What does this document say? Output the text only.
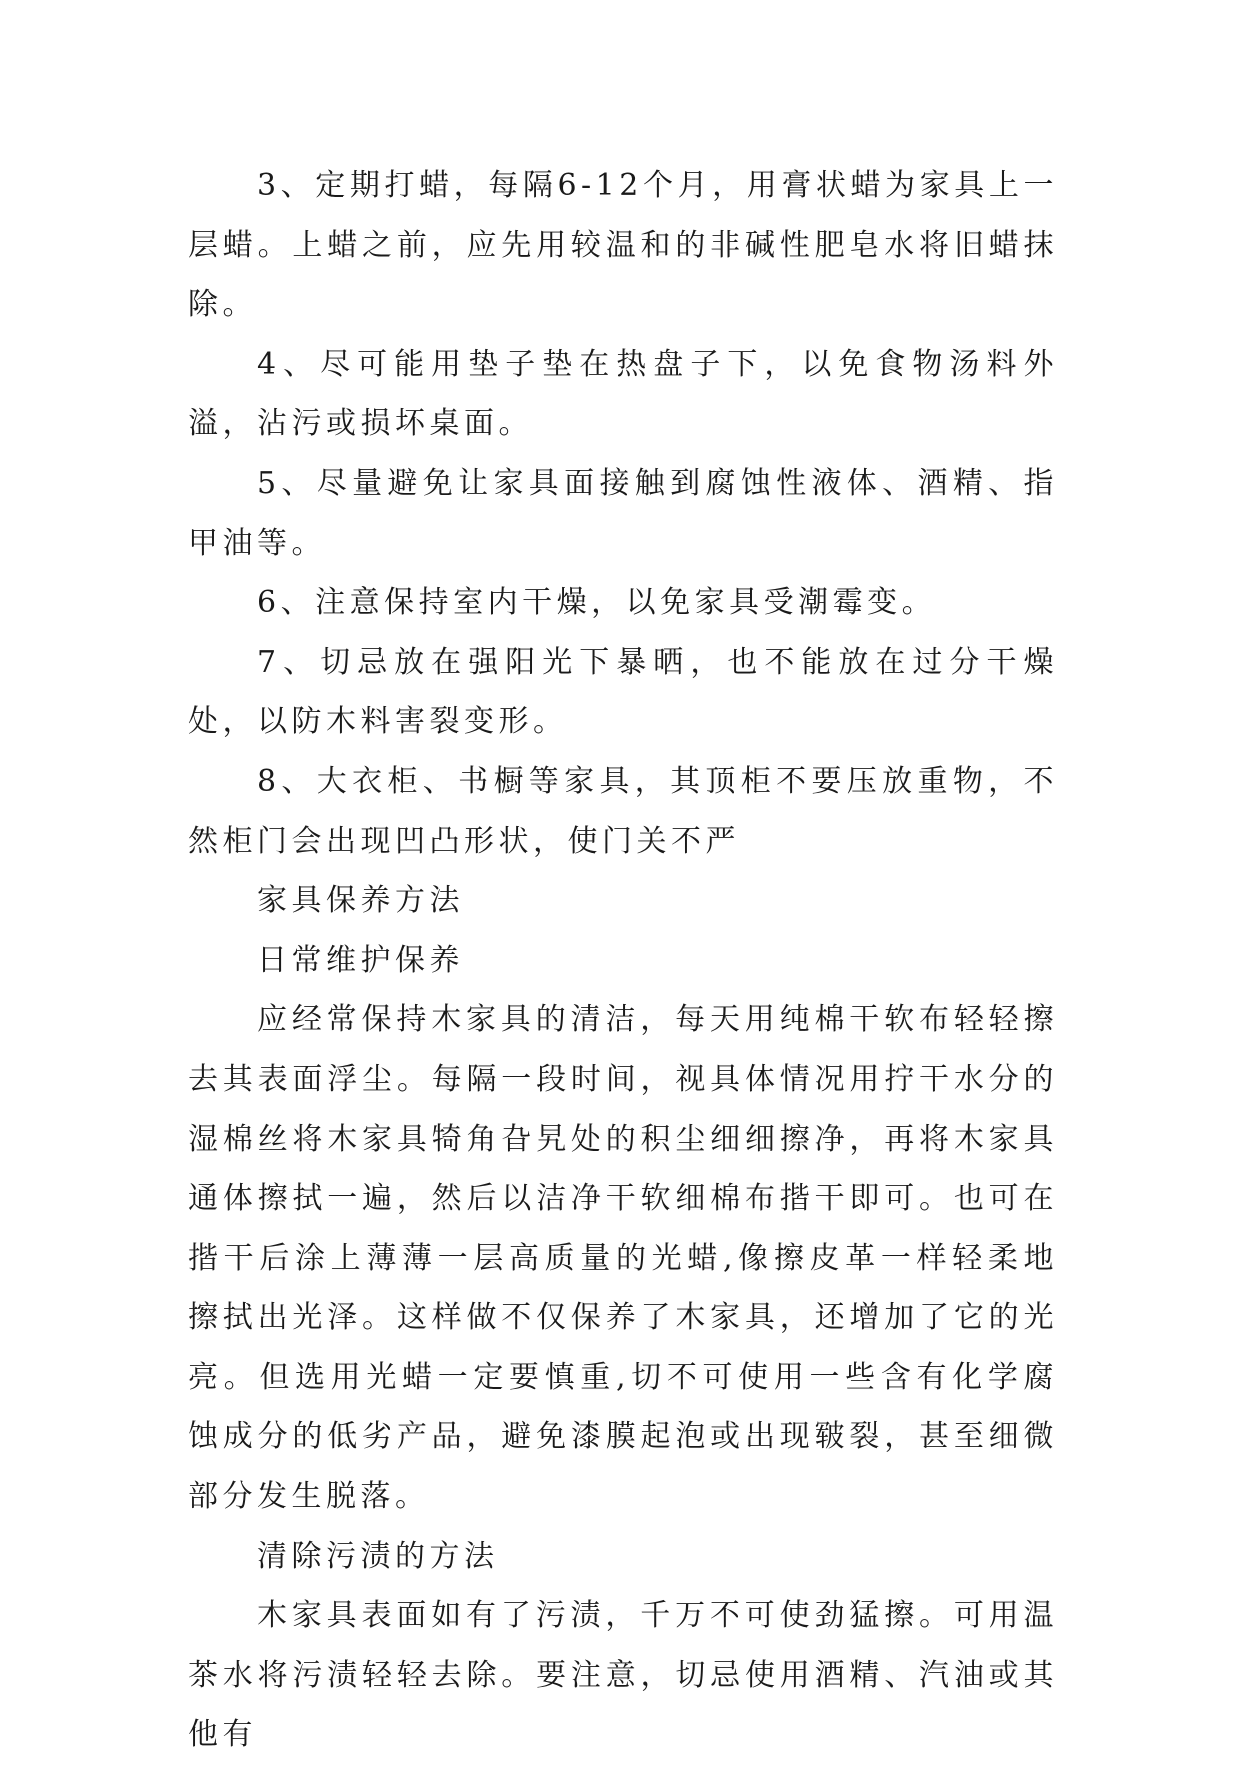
3、定期打蜡，每隔6-12个月，用膏状蜡为家具上一层蜡。上蜡之前，应先用较温和的非碱性肥皂水将旧蜡抹除。

4、尽可能用垫子垫在热盘子下，以免食物汤料外溢，沾污或损坏桌面。

5、尽量避免让家具面接触到腐蚀性液体、酒精、指甲油等。

6、注意保持室内干燥，以免家具受潮霉变。

7、切忌放在强阳光下暴晒，也不能放在过分干燥处，以防木料害裂变形。

8、大衣柜、书橱等家具，其顶柜不要压放重物，不然柜门会出现凹凸形状，使门关不严

家具保养方法

日常维护保养

应经常保持木家具的清洁，每天用纯棉干软布轻轻擦去其表面浮尘。每隔一段时间，视具体情况用拧干水分的湿棉丝将木家具犄角旮旯处的积尘细细擦净，再将木家具通体擦拭一遍，然后以洁净干软细棉布揩干即可。也可在揩干后涂上薄薄一层高质量的光蜡,像擦皮革一样轻柔地擦拭出光泽。这样做不仅保养了木家具，还增加了它的光亮。但选用光蜡一定要慎重,切不可使用一些含有化学腐蚀成分的低劣产品，避免漆膜起泡或出现皲裂，甚至细微部分发生脱落。

清除污渍的方法

木家具表面如有了污渍，千万不可使劲猛擦。可用温茶水将污渍轻轻去除。要注意，切忌使用酒精、汽油或其他有
